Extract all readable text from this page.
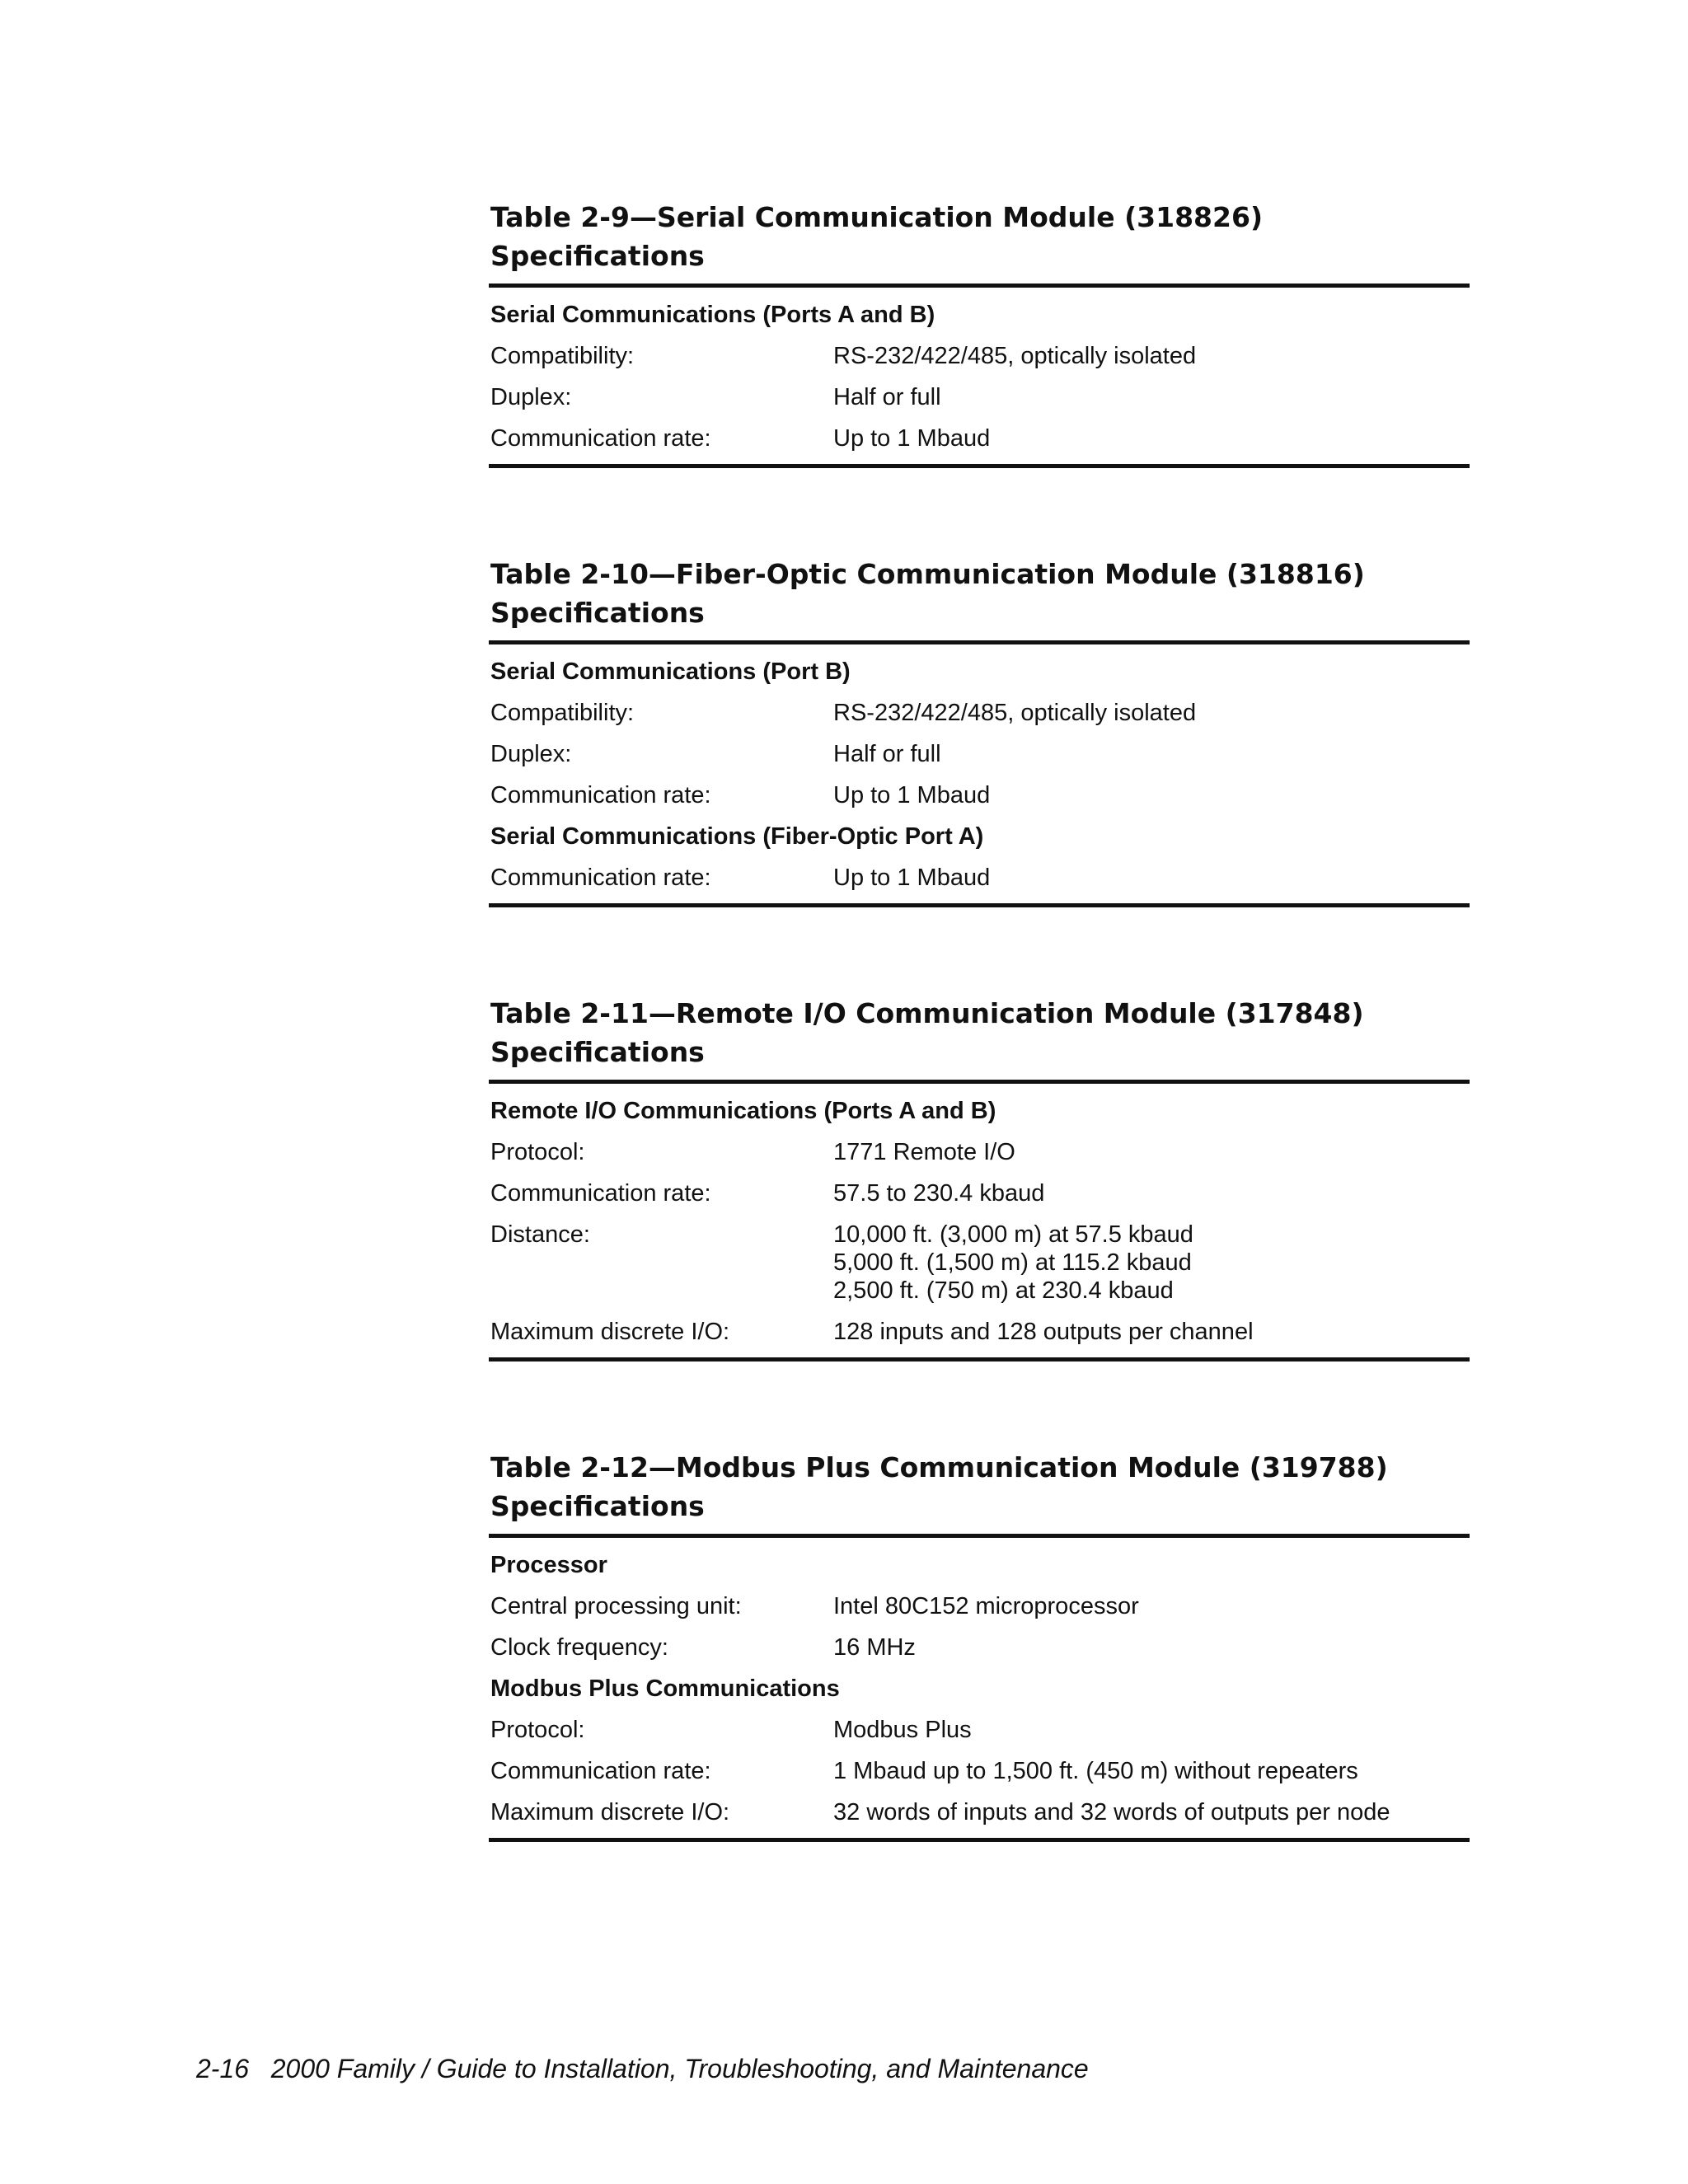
Table 2-9—Serial Communication Module (318826) Specifications
Serial Communications (Ports A and B)
Compatibility:	RS-232/422/485, optically isolated
Duplex:	Half or full
Communication rate:	Up to 1 Mbaud
Table 2-10—Fiber-Optic Communication Module (318816) Specifications
Serial Communications (Port B)
Compatibility:	RS-232/422/485, optically isolated
Duplex:	Half or full
Communication rate:	Up to 1 Mbaud
Serial Communications (Fiber-Optic Port A)
Communication rate:	Up to 1 Mbaud
Table 2-11—Remote I/O Communication Module (317848) Specifications
Remote I/O Communications (Ports A and B)
Protocol:	1771 Remote I/O
Communication rate:	57.5 to 230.4 kbaud
Distance:	10,000 ft. (3,000 m) at 57.5 kbaud
5,000 ft. (1,500 m) at 115.2 kbaud
2,500 ft. (750 m) at 230.4 kbaud
Maximum discrete I/O:	128 inputs and 128 outputs per channel
Table 2-12—Modbus Plus Communication Module (319788) Specifications
Processor
Central processing unit:	Intel 80C152 microprocessor
Clock frequency:	16 MHz
Modbus Plus Communications
Protocol:	Modbus Plus
Communication rate:	1 Mbaud up to 1,500 ft. (450 m) without repeaters
Maximum discrete I/O:	32 words of inputs and 32 words of outputs per node
2-16 2000 Family / Guide to Installation, Troubleshooting, and Maintenance
